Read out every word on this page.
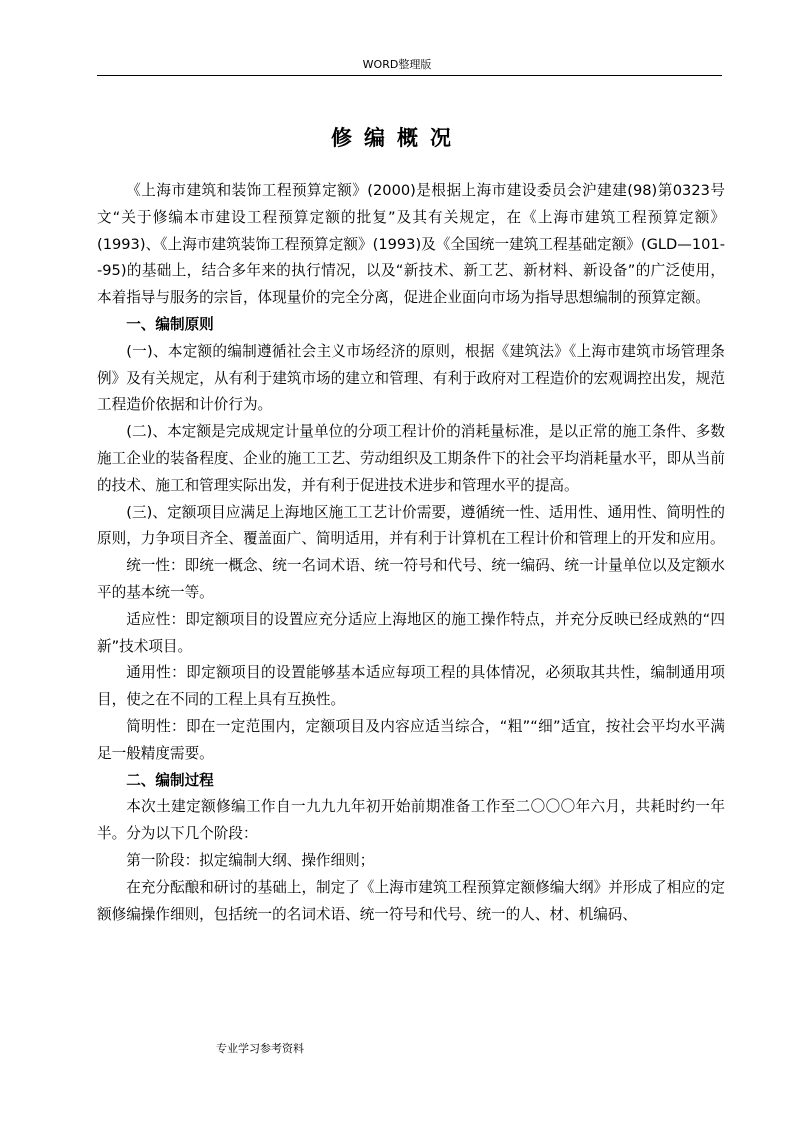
WORD整理版
修编概况

《上海市建筑和装饰工程预算定额》(2000)是根据上海市建设委员会沪建建(98)第0323号文“关于修编本市建设工程预算定额的批复”及其有关规定，在《上海市建筑工程预算定额》(1993)、《上海市建筑装饰工程预算定额》(1993)及《全国统一建筑工程基础定额》(GLD—101--95)的基础上，结合多年来的执行情况，以及“新技术、新工艺、新材料、新设备”的广泛使用，本着指导与服务的宗旨，体现量价的完全分离，促进企业面向市场为指导思想编制的预算定额。

一、编制原则

(一)、本定额的编制遵循社会主义市场经济的原则，根据《建筑法》《上海市建筑市场管理条例》及有关规定，从有利于建筑市场的建立和管理、有利于政府对工程造价的宏观调控出发，规范工程造价依据和计价行为。

(二)、本定额是完成规定计量单位的分项工程计价的消耗量标准，是以正常的施工条件、多数施工企业的装备程度、企业的施工工艺、劳动组织及工期条件下的社会平均消耗量水平，即从当前的技术、施工和管理实际出发，并有利于促进技术进步和管理水平的提高。

(三)、定额项目应满足上海地区施工工艺计价需要，遵循统一性、适用性、通用性、简明性的原则，力争项目齐全、覆盖面广、简明适用，并有利于计算机在工程计价和管理上的开发和应用。

统一性：即统一概念、统一名词术语、统一符号和代号、统一编码、统一计量单位以及定额水平的基本统一等。

适应性：即定额项目的设置应充分适应上海地区的施工操作特点，并充分反映已经成熟的“四新”技术项目。

通用性：即定额项目的设置能够基本适应每项工程的具体情况，必须取其共性，编制通用项目，使之在不同的工程上具有互换性。

简明性：即在一定范围内，定额项目及内容应适当综合，“粗”“细”适宜，按社会平均水平满足一般精度需要。

二、编制过程

本次土建定额修编工作自一九九九年初开始前期准备工作至二〇〇〇年六月，共耗时约一年半。分为以下几个阶段：

第一阶段：拟定编制大纲、操作细则；

在充分酝酿和研讨的基础上，制定了《上海市建筑工程预算定额修编大纲》并形成了相应的定额修编操作细则，包括统一的名词术语、统一符号和代号、统一的人、材、机编码、

专业学习参考资料
